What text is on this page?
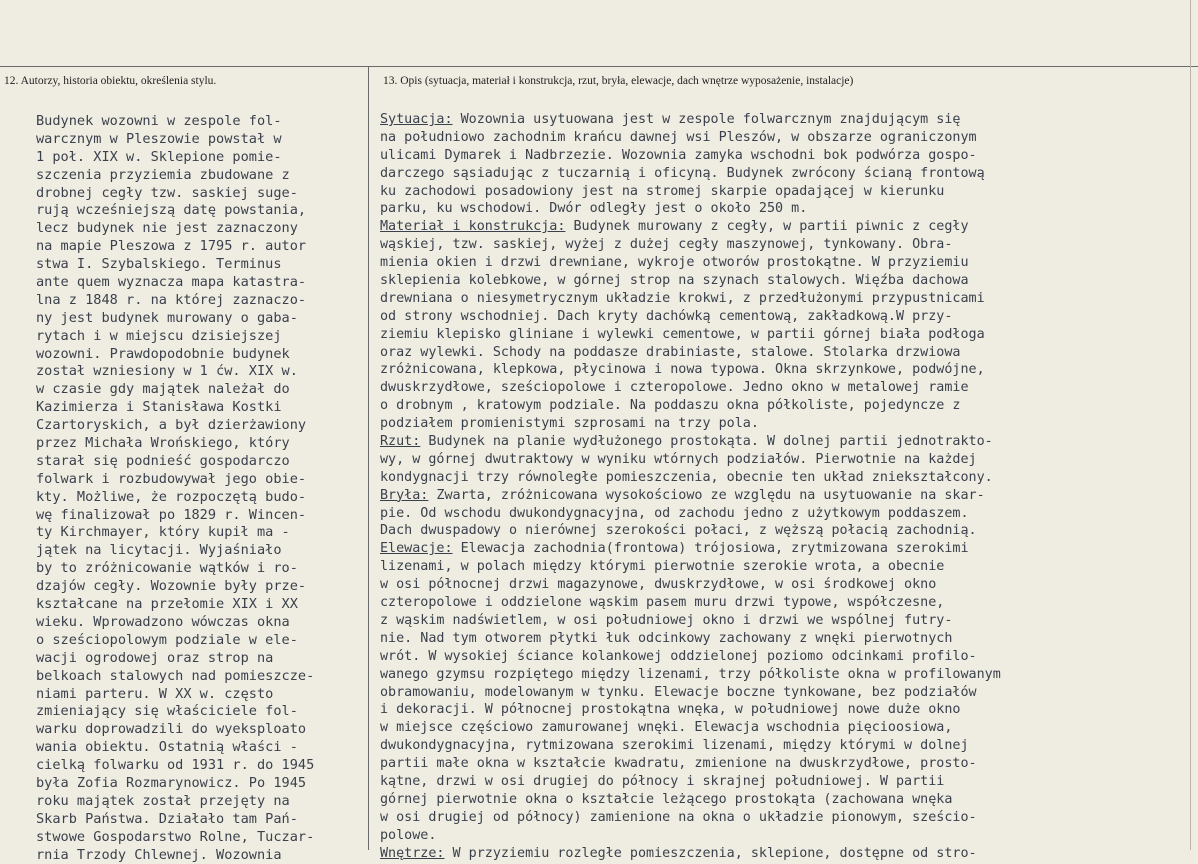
12. Autorzy, historia obiektu, określenia stylu.	13. Opis (sytuacja, materiał i konstrukcja, rzut, bryła, elewacje, dach wnętrze wyposażenie, instalacje)
Budynek wozowni w zespole fol-
warcznym w Pleszowie powstał w
1 poł. XIX w. Sklepione pomie-
szczenia przyziemia zbudowane z
drobnej cegły tzw. saskiej suge-
rują wcześniejszą datę powstania,
lecz budynek nie jest zaznaczony
na mapie Pleszowa z 1795 r. autor
stwa I. Szybalskiego. Terminus
ante quem wyznacza mapa katastra-
lna z 1848 r. na której zaznaczo-
ny jest budynek murowany o gaba-
rytach i w miejscu dzisiejszej
wozowni. Prawdopodobnie budynek
został wzniesiony w 1 ćw. XIX w.
w czasie gdy majątek należał do
Kazimierza i Stanisława Kostki
Czartoryskich, a był dzierżawiony
przez Michała Wrońskiego, który
starał się podnieść gospodarczo
folwark i rozbudowywał jego obie-
kty. Możliwe, że rozpoczętą budo-
wę finalizował po 1829 r. Wincen-
ty Kirchmayer, który kupił ma -
jątek na licytacji. Wyjaśniało
by to zróżnicowanie wątków i ro-
dzajów cegły. Wozownie były prze-
kształcane na przełomie XIX i XX
wieku. Wprowadzono wówczas okna
o sześciopolowym podziale w ele-
wacji ogrodowej oraz strop na
belkoach stalowych nad pomieszcze-
niami parteru. W XX w. często
zmieniający się właściciele fol-
warku doprowadzili do wyeksploato
wania obiektu. Ostatnią właści -
cielką folwarku od 1931 r. do 1945
była Zofia Rozmarynowicz. Po 1945
roku majątek został przejęty na
Skarb Państwa. Działało tam Pań-
stwowe Gospodarstwo Rolne, Tuczar-
rnia Trzody Chlewnej. Wozownia
Sytuacja: Wozownia usytuowana jest w zespole folwarcznym znajdującym się
na południowo zachodnim krańcu dawnej wsi Pleszów, w obszarze ograniczonym
ulicami Dymarek i Nadbrzezie. Wozownia zamyka wschodni bok podwórza gospo-
darczego sąsiadując z tuczarnią i oficyną. Budynek zwrócony ścianą frontową
ku zachodowi posadowiony jest na stromej skarpie opadającej w kierunku
parku, ku wschodowi. Dwór odległy jest o około 250 m.
Materiał i konstrukcja: Budynek murowany z cegły, w partii piwnic z cegły
wąskiej, tzw. saskiej, wyżej z dużej cegły maszynowej, tynkowany. Obra-
mienia okien i drzwi drewniane, wykroje otworów prostokątne. W przyziemiu
sklepienia kolebkowe, w górnej strop na szynach stalowych. Więźba dachowa
drewniana o niesymetrycznym układzie krokwi, z przedłużonymi przypustnicami
od strony wschodniej. Dach kryty dachówką cementową, zakładkową.W przy-
ziemiu klepisko gliniane i wylewki cementowe, w partii górnej biała podłoga
oraz wylewki. Schody na poddasze drabiniaste, stalowe. Stolarka drzwiowa
zróżnicowana, klepkowa, płycinowa i nowa typowa. Okna skrzynkowe, podwójne,
dwuskrzydłowe, sześciopolowe i czteropolowe. Jedno okno w metalowej ramie
o drobnym , kratowym podziale. Na poddaszu okna półkoliste, pojedyncze z
podziałem promienistymi szprosami na trzy pola.
Rzut: Budynek na planie wydłużonego prostokąta. W dolnej partii jednotrakto-
wy, w górnej dwutraktowy w wyniku wtórnych podziałów. Pierwotnie na każdej
kondygnacji trzy równoległe pomieszczenia, obecnie ten układ zniekształcony.
Bryła: Zwarta, zróżnicowana wysokościowo ze względu na usytuowanie na skar-
pie. Od wschodu dwukondygnacyjna, od zachodu jedno z użytkowym poddaszem.
Dach dwuspadowy o nierównej szerokości połaci, z węższą połacią zachodnią.
Elewacje: Elewacja zachodnia(frontowa) trójosiowa, zrytmizowana szerokimi
lizenami, w polach między którymi pierwotnie szerokie wrota, a obecnie
w osi północnej drzwi magazynowe, dwuskrzydłowe, w osi środkowej okno
czteropolowe i oddzielone wąskim pasem muru drzwi typowe, współczesne,
z wąskim nadświetlem, w osi południowej okno i drzwi we wspólnej futry-
nie. Nad tym otworem płytki łuk odcinkowy zachowany z wnęki pierwotnych
wrót. W wysokiej ściance kolankowej oddzielonej poziomo odcinkami profilo-
wanego gzymsu rozpiętego między lizenami, trzy półkoliste okna w profilowanym
obramowaniu, modelowanym w tynku. Elewacje boczne tynkowane, bez podziałów
i dekoracji. W północnej prostokątna wnęka, w południowej nowe duże okno
w miejsce częściowo zamurowanej wnęki. Elewacja wschodnia pięcioosiowa,
dwukondygnacyjna, rytmizowana szerokimi lizenami, między którymi w dolnej
partii małe okna w kształcie kwadratu, zmienione na dwuskrzydłowe, prosto-
kątne, drzwi w osi drugiej do północy i skrajnej południowej. W partii
górnej pierwotnie okna o kształcie leżącego prostokąta (zachowana wnęka
w osi drugiej od północy) zamienione na okna o układzie pionowym, sześcio-
polowe.
Wnętrze: W przyziemiu rozległe pomieszczenia, sklepione, dostępne od stro-
